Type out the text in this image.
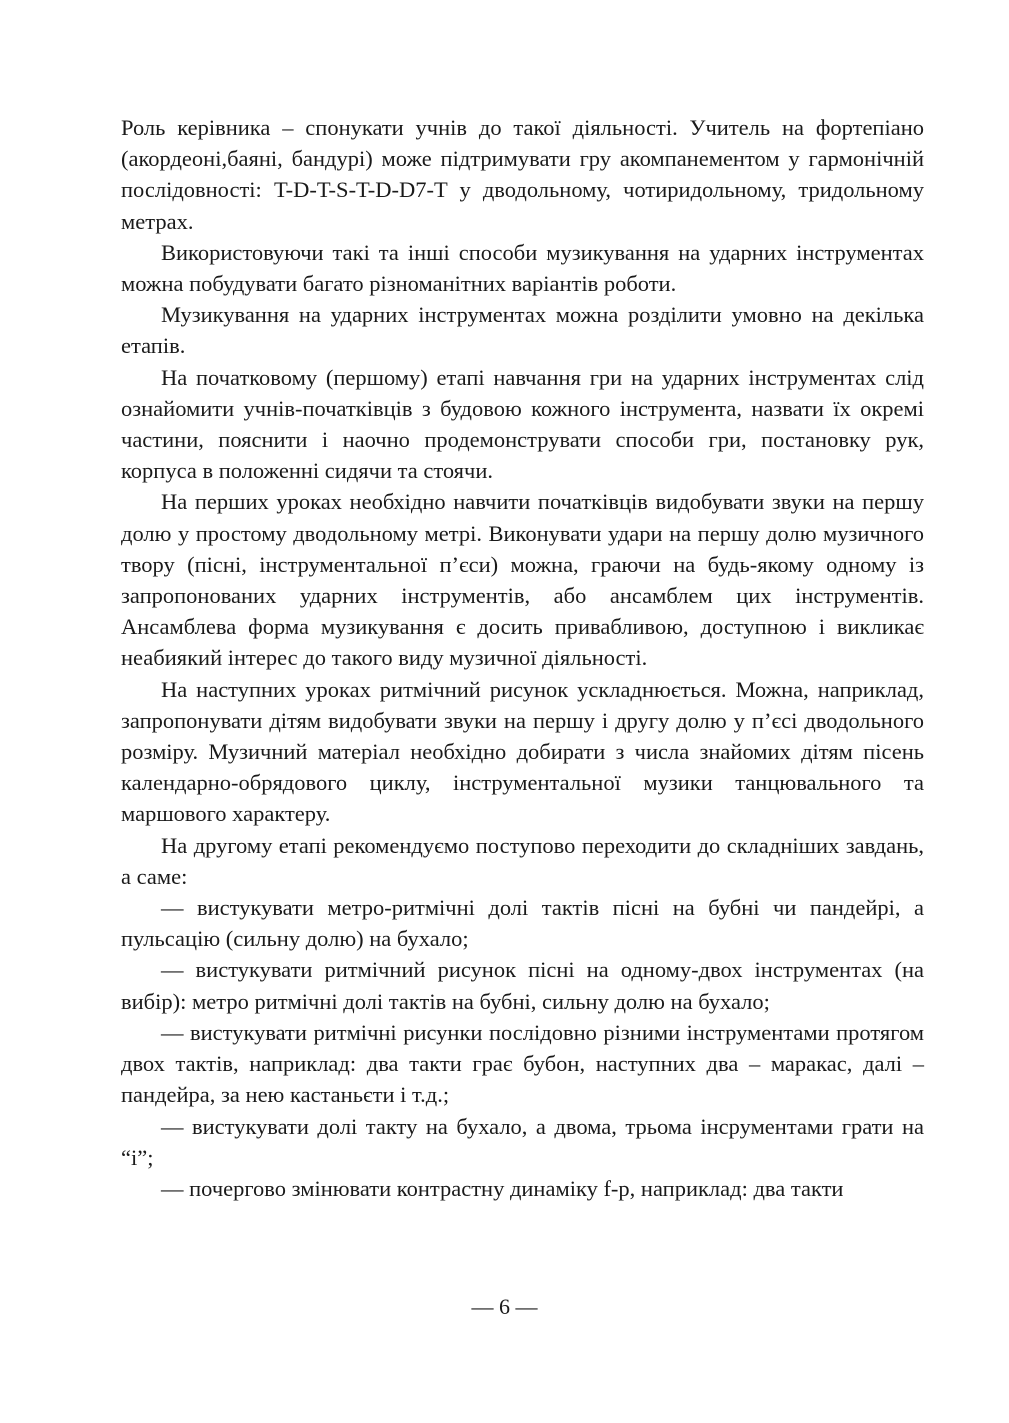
Роль керівника – спонукати учнів до такої діяльності. Учитель на фортепіано (акордеоні,баяні, бандурі) може підтримувати гру акомпанементом у гармонічній послідовності: T-D-T-S-T-D-D7-T у дводольному, чотиридольному, тридольному метрах.

Використовуючи такі та інші способи музикування на ударних інструментах можна побудувати багато різноманітних варіантів роботи.

Музикування на ударних інструментах можна розділити умовно на декілька етапів.

На початковому (першому) етапі навчання гри на ударних інструментах слід ознайомити учнів-початківців з будовою кожного інструмента, назвати їх окремі частини, пояснити і наочно продемонструвати способи гри, постановку рук, корпуса в положенні сидячи та стоячи.

На перших уроках необхідно навчити початківців видобувати звуки на першу долю у простому дводольному метрі. Виконувати удари на першу долю музичного твору (пісні, інструментальної п’єси) можна, граючи на будь-якому одному із запропонованих ударних інструментів, або ансамблем цих інструментів. Ансамблева форма музикування є досить привабливою, доступною і викликає неабиякий інтерес до такого виду музичної діяльності.

На наступних уроках ритмічний рисунок ускладнюється. Можна, наприклад, запропонувати дітям видобувати звуки на першу і другу долю у п’єсі дводольного розміру. Музичний матеріал необхідно добирати з числа знайомих дітям пісень календарно-обрядового циклу, інструментальної музики танцювального та маршового характеру.

На другому етапі рекомендуємо поступово переходити до складніших завдань, а саме:

— вистукувати метро-ритмічні долі тактів пісні на бубні чи пандейрі, а пульсацію (сильну долю) на бухало;

— вистукувати ритмічний рисунок пісні на одному-двох інструментах (на вибір): метро ритмічні долі тактів на бубні, сильну долю на бухало;

— вистукувати ритмічні рисунки послідовно різними інструментами протягом двох тактів, наприклад: два такти грає бубон, наступних два – маракас, далі – пандейра, за нею кастаньєти і т.д.;

— вистукувати долі такту на бухало, а двома, трьома інсрументами грати на “і”;

— почергово змінювати контрастну динаміку f-p, наприклад: два такти

— 6 —
